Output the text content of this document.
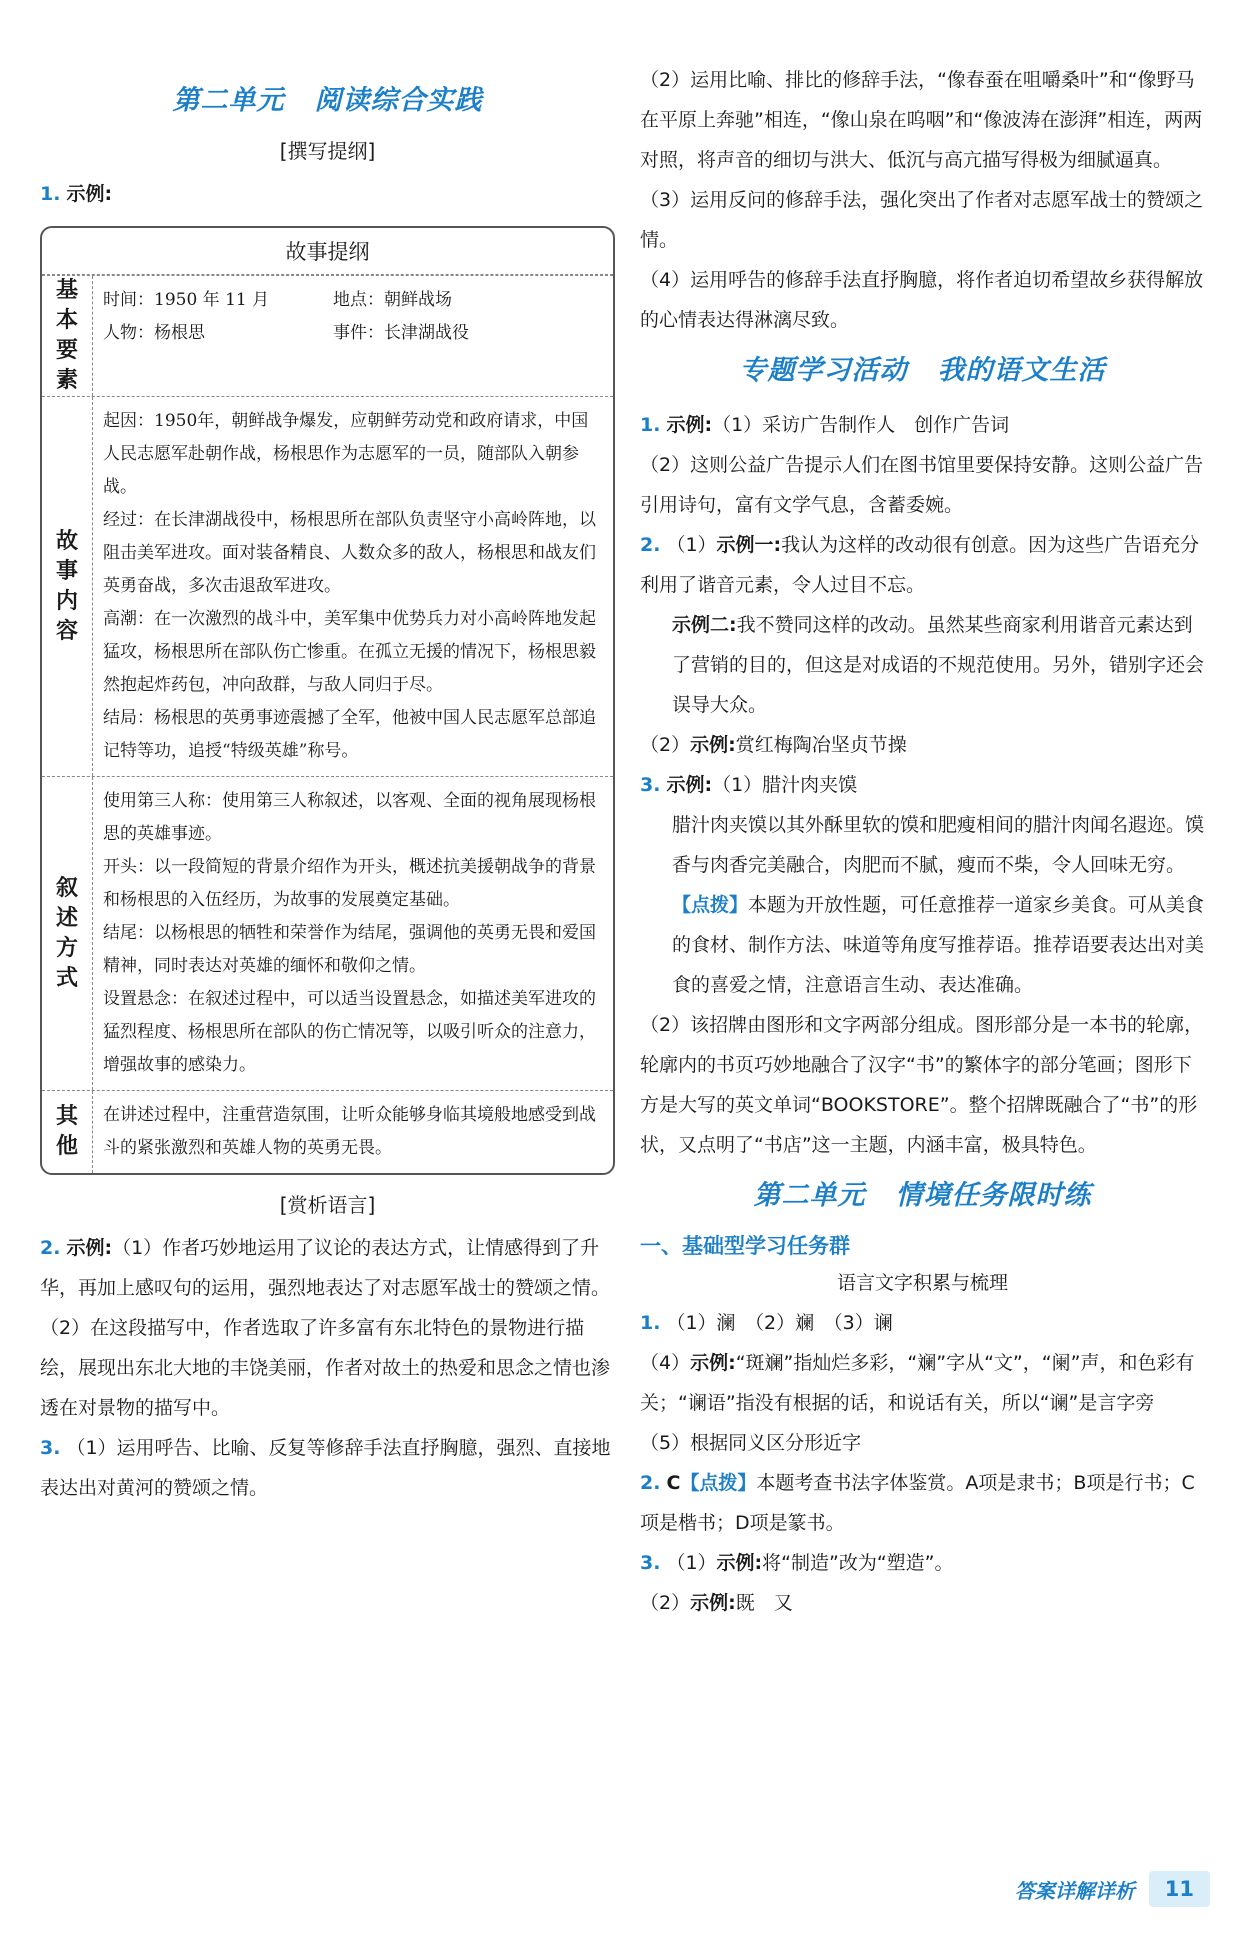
第二单元 阅读综合实践
[撰写提纲]

1. 示例:

故事提纲
基本要素
时间：1950 年 11 月	地点：朝鲜战场
人物：杨根思	事件：长津湖战役
故事内容
起因：1950年，朝鲜战争爆发，应朝鲜劳动党和政府请求，中国人民志愿军赴朝作战，杨根思作为志愿军的一员，随部队入朝参战。
经过：在长津湖战役中，杨根思所在部队负责坚守小高岭阵地，以阻击美军进攻。面对装备精良、人数众多的敌人，杨根思和战友们英勇奋战，多次击退敌军进攻。
高潮：在一次激烈的战斗中，美军集中优势兵力对小高岭阵地发起猛攻，杨根思所在部队伤亡惨重。在孤立无援的情况下，杨根思毅然抱起炸药包，冲向敌群，与敌人同归于尽。
结局：杨根思的英勇事迹震撼了全军，他被中国人民志愿军总部追记特等功，追授“特级英雄”称号。
叙述方式
使用第三人称：使用第三人称叙述，以客观、全面的视角展现杨根思的英雄事迹。
开头：以一段简短的背景介绍作为开头，概述抗美援朝战争的背景和杨根思的入伍经历，为故事的发展奠定基础。
结尾：以杨根思的牺牲和荣誉作为结尾，强调他的英勇无畏和爱国精神，同时表达对英雄的缅怀和敬仰之情。
设置悬念：在叙述过程中，可以适当设置悬念，如描述美军进攻的猛烈程度、杨根思所在部队的伤亡情况等，以吸引听众的注意力，增强故事的感染力。
其他
在讲述过程中，注重营造氛围，让听众能够身临其境般地感受到战斗的紧张激烈和英雄人物的英勇无畏。
[赏析语言]

2. 示例:（1）作者巧妙地运用了议论的表达方式，让情感得到了升华，再加上感叹句的运用，强烈地表达了对志愿军战士的赞颂之情。

（2）在这段描写中，作者选取了许多富有东北特色的景物进行描绘，展现出东北大地的丰饶美丽，作者对故土的热爱和思念之情也渗透在对景物的描写中。

3. （1）运用呼告、比喻、反复等修辞手法直抒胸臆，强烈、直接地表达出对黄河的赞颂之情。

（2）运用比喻、排比的修辞手法，“像春蚕在咀嚼桑叶”和“像野马在平原上奔驰”相连，“像山泉在呜咽”和“像波涛在澎湃”相连，两两对照，将声音的细切与洪大、低沉与高亢描写得极为细腻逼真。

（3）运用反问的修辞手法，强化突出了作者对志愿军战士的赞颂之情。

（4）运用呼告的修辞手法直抒胸臆，将作者迫切希望故乡获得解放的心情表达得淋漓尽致。

专题学习活动 我的语文生活

1. 示例:（1）采访广告制作人　创作广告词

（2）这则公益广告提示人们在图书馆里要保持安静。这则公益广告引用诗句，富有文学气息，含蓄委婉。

2. （1）示例一:我认为这样的改动很有创意。因为这些广告语充分利用了谐音元素，令人过目不忘。

示例二:我不赞同这样的改动。虽然某些商家利用谐音元素达到了营销的目的，但这是对成语的不规范使用。另外，错别字还会误导大众。

（2）示例:赏红梅陶冶坚贞节操

3. 示例:（1）腊汁肉夹馍

腊汁肉夹馍以其外酥里软的馍和肥瘦相间的腊汁肉闻名遐迩。馍香与肉香完美融合，肉肥而不腻，瘦而不柴，令人回味无穷。

【点拨】本题为开放性题，可任意推荐一道家乡美食。可从美食的食材、制作方法、味道等角度写推荐语。推荐语要表达出对美食的喜爱之情，注意语言生动、表达准确。

（2）该招牌由图形和文字两部分组成。图形部分是一本书的轮廓，轮廓内的书页巧妙地融合了汉字“书”的繁体字的部分笔画；图形下方是大写的英文单词“BOOKSTORE”。整个招牌既融合了“书”的形状，又点明了“书店”这一主题，内涵丰富，极具特色。

第二单元 情境任务限时练
一、基础型学习任务群
语言文字积累与梳理

1. （1）澜　（2）斓　（3）谰

（4）示例:“斑斓”指灿烂多彩，“斓”字从“文”，“阑”声，和色彩有关；“谰语”指没有根据的话，和说话有关，所以“谰”是言字旁

（5）根据同义区分形近字

2. C【点拨】本题考查书法字体鉴赏。A项是隶书；B项是行书；C项是楷书；D项是篆书。

3. （1）示例:将“制造”改为“塑造”。

（2）示例:既　又

答案详解详析	11
